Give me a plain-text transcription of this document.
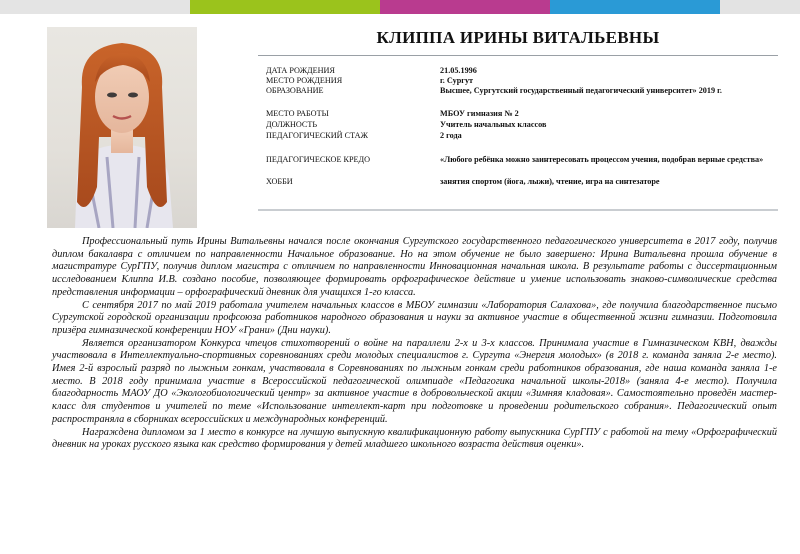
КЛИППА ИРИНЫ ВИТАЛЬЕВНЫ
ДАТА РОЖДЕНИЯ	21.05.1996
МЕСТО РОЖДЕНИЯ	г. Сургут
ОБРАЗОВАНИЕ	Высшее, Сургутский государственный педагогический университет» 2019 г.
МЕСТО РАБОТЫ	МБОУ гимназия № 2
ДОЛЖНОСТЬ	Учитель начальных классов
ПЕДАГОГИЧЕСКИЙ СТАЖ	2 года
ПЕДАГОГИЧЕСКОЕ КРЕДО	«Любого ребёнка можно заинтересовать процессом учения, подобрав верные средства»
ХОББИ	занятия спортом (йога, лыжи), чтение, игра на синтезаторе

Профессиональный путь Ирины Витальевны начался после окончания Сургутского государственного педагогического университета в 2017 году, получив диплом бакалавра с отличием по направленности Начальное образование. Но на этом обучение не было завершено: Ирина Витальевна прошла обучение в магистратуре СурГПУ, получив диплом магистра с отличием по направленности Инновационная начальная школа. В результате работы с диссертационным исследованием Клиппа И.В. создано пособие, позволяющее формировать орфографическое действие и умение использовать знаково-символические средства представления информации – орфографический дневник для учащихся 1-го класса.

С сентября 2017 по май 2019 работала учителем начальных классов в МБОУ гимназии «Лаборатория Салахова», где получила благодарственное письмо Сургутской городской организации профсоюза работников народного образования и науки за активное участие в общественной жизни гимназии. Подготовила призёра гимназической конференции НОУ «Грани» (Дни науки).

Является организатором Конкурса чтецов стихотворений о войне на параллели 2-х и 3-х классов. Принимала участие в Гимназическом КВН, дважды участвовала в Интеллектуально-спортивных соревнованиях среди молодых специалистов г. Сургута «Энергия молодых» (в 2018 г. команда заняла 2-е место). Имея 2-й взрослый разряд по лыжным гонкам, участвовала в Соревнованиях по лыжным гонкам среди работников образования, где наша команда заняла 1-е место. В 2018 году принимала участие в Всероссийской педагогической олимпиаде «Педагогика начальной школы-2018» (заняла 4-е место). Получила благодарность МАОУ ДО «Экологобиологический центр» за активное участие в добровольческой акции «Зимняя кладовая». Самостоятельно проведён мастер-класс для студентов и учителей по теме «Использование интеллект-карт при подготовке и проведении родительского собрания». Педагогический опыт распространяла в сборниках всероссийских и международных конференций.

Награждена дипломом за 1 место в конкурсе на лучшую выпускную квалификационную работу выпускника СурГПУ с работой на тему «Орфографический дневник на уроках русского языка как средство формирования у детей младшего школьного возраста действия оценки».
